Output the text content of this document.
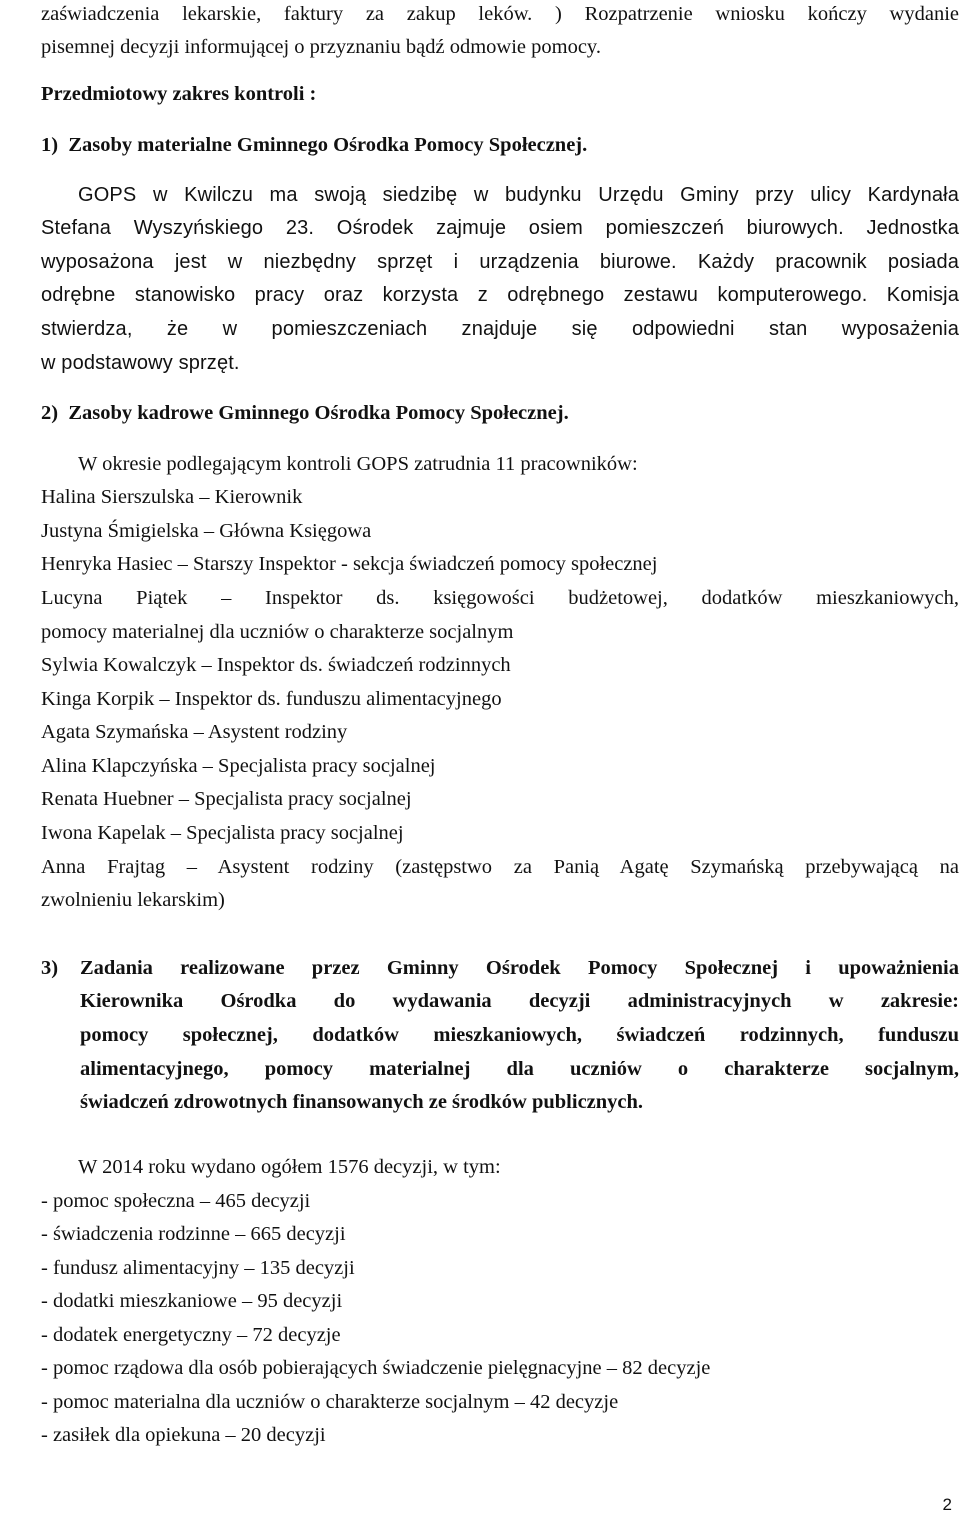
zaświadczenia lekarskie, faktury za zakup leków. ) Rozpatrzenie wniosku kończy wydanie
pisemnej decyzji informującej o przyznaniu bądź odmowie pomocy.
Przedmiotowy zakres kontroli :
1)  Zasoby materialne Gminnego Ośrodka Pomocy Społecznej.
GOPS w Kwilczu ma swoją siedzibę w budynku Urzędu Gminy przy ulicy Kardynała
Stefana Wyszyńskiego 23. Ośrodek zajmuje osiem pomieszczeń biurowych. Jednostka
wyposażona jest w niezbędny sprzęt i urządzenia biurowe. Każdy pracownik posiada
odrębne stanowisko pracy oraz korzysta z odrębnego zestawu komputerowego. Komisja
stwierdza, że w pomieszczeniach znajduje się odpowiedni stan wyposażenia
w podstawowy sprzęt.
2)  Zasoby kadrowe Gminnego Ośrodka Pomocy Społecznej.
W okresie podlegającym kontroli GOPS zatrudnia 11 pracowników:
Halina Sierszulska – Kierownik
Justyna Śmigielska – Główna Księgowa
Henryka Hasiec – Starszy Inspektor - sekcja świadczeń pomocy społecznej
Lucyna Piątek – Inspektor ds. księgowości budżetowej, dodatków mieszkaniowych,
pomocy materialnej dla uczniów o charakterze socjalnym
Sylwia Kowalczyk – Inspektor ds. świadczeń rodzinnych
Kinga Korpik – Inspektor ds. funduszu alimentacyjnego
Agata Szymańska – Asystent rodziny
Alina Klapczyńska – Specjalista pracy socjalnej
Renata Huebner – Specjalista pracy socjalnej
Iwona Kapelak – Specjalista pracy socjalnej
Anna Frajtag – Asystent rodziny (zastępstwo za Panią Agatę Szymańską przebywającą na
zwolnieniu lekarskim)
3) Zadania realizowane przez Gminny Ośrodek Pomocy Społecznej i upoważnienia
Kierownika Ośrodka do wydawania decyzji administracyjnych w zakresie:
pomocy społecznej, dodatków mieszkaniowych, świadczeń rodzinnych, funduszu
alimentacyjnego, pomocy materialnej dla uczniów o charakterze socjalnym,
świadczeń zdrowotnych finansowanych ze środków publicznych.
W 2014 roku wydano ogółem 1576 decyzji, w tym:
- pomoc społeczna – 465 decyzji
- świadczenia rodzinne – 665 decyzji
- fundusz alimentacyjny – 135 decyzji
- dodatki mieszkaniowe – 95 decyzji
- dodatek energetyczny – 72 decyzje
- pomoc rządowa dla osób pobierających świadczenie pielęgnacyjne – 82 decyzje
- pomoc materialna dla uczniów o charakterze socjalnym – 42 decyzje
- zasiłek dla opiekuna – 20 decyzji
2
